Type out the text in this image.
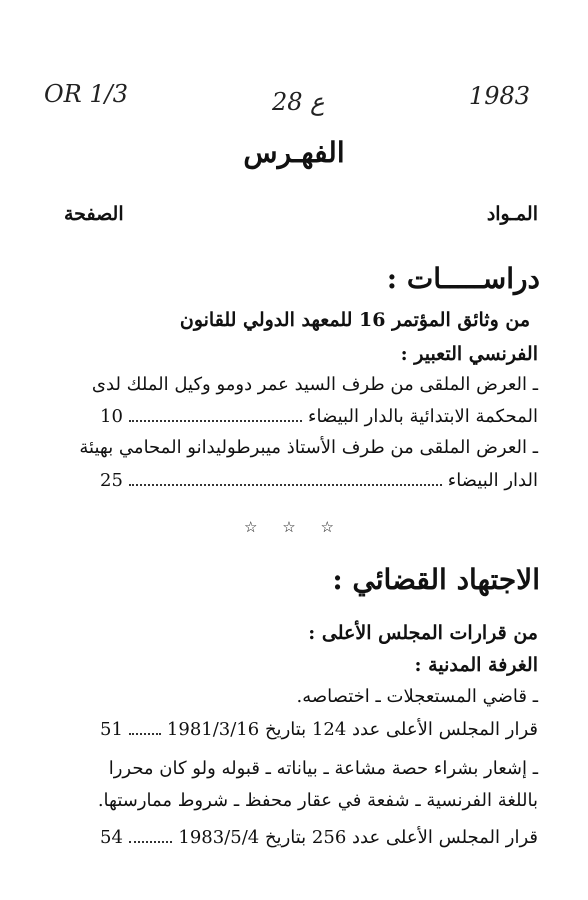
OR 1/3	28 ع	1983
الفهـرس
المـواد
الصفحة
دراســـــات :
من وثائق المؤتمر 16 للمعهد الدولي للقانون
الفرنسي التعبير :
ـ العرض الملقى من طرف السيد عمر دومو وكيل الملك لدى
المحكمة الابتدائية بالدار البيضاء
10
ـ العرض الملقى من طرف الأستاذ ميبرطوليدانو المحامي بهيئة
الدار البيضاء
25
☆ ☆ ☆
الاجتهاد القضائي :
من قرارات المجلس الأعلى :
الغرفة المدنية :
ـ قاضي المستعجلات ـ اختصاصه.
قرار المجلس الأعلى عدد 124 بتاريخ 1981/3/16
51
ـ إشعار بشراء حصة مشاعة ـ بياناته ـ قبوله ولو كان محررا
باللغة الفرنسية ـ شفعة في عقار محفظ ـ شروط ممارستها.
قرار المجلس الأعلى عدد 256 بتاريخ 1983/5/4
54
